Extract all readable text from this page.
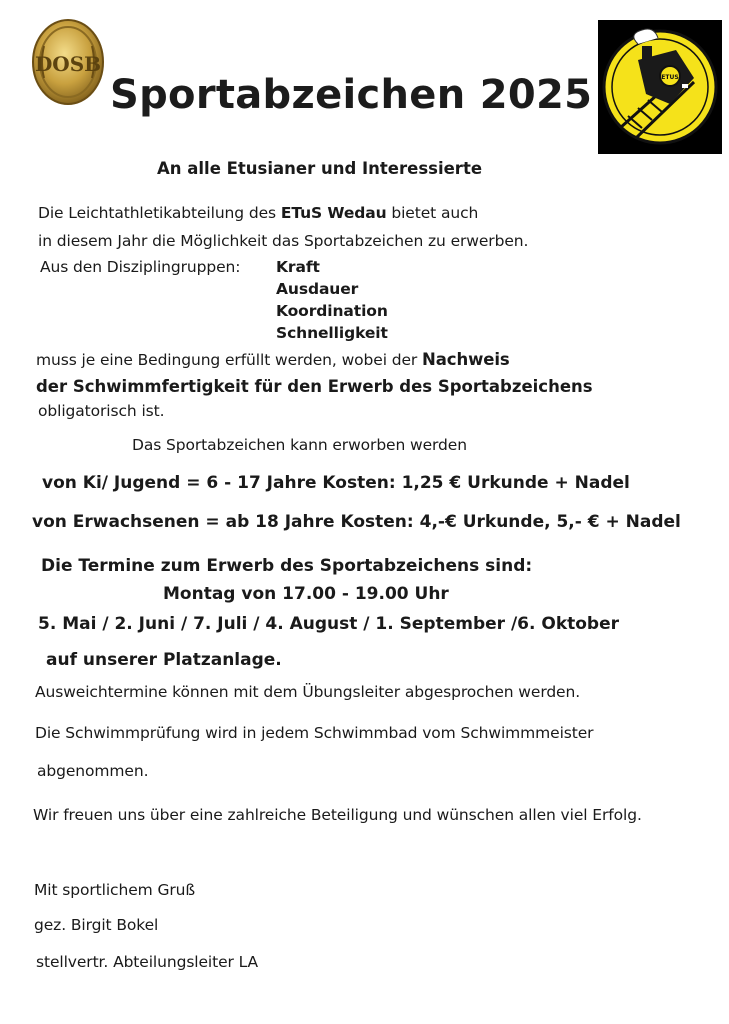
DOSB
Sportabzeichen 2025	ETUS
An alle Etusianer und Interessierte
Die Leichtathletikabteilung des ETuS Wedau bietet auch
in diesem Jahr die Möglichkeit das Sportabzeichen zu erwerben.
Aus den Disziplingruppen: Kraft
Ausdauer
Koordination
Schnelligkeit
muss je eine Bedingung erfüllt werden, wobei der Nachweis
der Schwimmfertigkeit für den Erwerb des Sportabzeichens
obligatorisch ist.
Das Sportabzeichen kann erworben werden
von Ki/ Jugend = 6 - 17 Jahre Kosten: 1,25 € Urkunde + Nadel
von Erwachsenen = ab 18 Jahre Kosten: 4,-€ Urkunde, 5,- € + Nadel
Die Termine zum Erwerb des Sportabzeichens sind:
Montag von 17.00 - 19.00 Uhr
5. Mai / 2. Juni / 7. Juli / 4. August / 1. September /6. Oktober
auf unserer Platzanlage.
Ausweichtermine können mit dem Übungsleiter abgesprochen werden.
Die Schwimmprüfung wird in jedem Schwimmbad vom Schwimmmeister
abgenommen.
Wir freuen uns über eine zahlreiche Beteiligung und wünschen allen viel Erfolg.
Mit sportlichem Gruß
gez. Birgit Bokel
stellvertr. Abteilungsleiter LA
